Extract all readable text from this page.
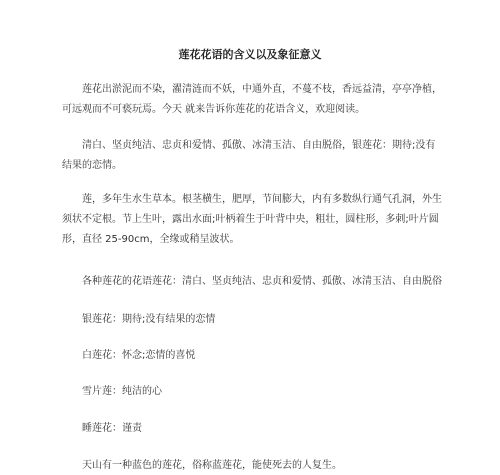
莲花花语的含义以及象征意义

莲花出淤泥而不染，濯清涟而不妖，中通外直，不蔓不枝，香远益清，亭亭净植，可远观而不可亵玩焉。今天 就来告诉你莲花的花语含义，欢迎阅读。

清白、坚贞纯洁、忠贞和爱情、孤傲、冰清玉洁、自由脱俗，银莲花：期待;没有结果的恋情。

莲，多年生水生草本。根茎横生，肥厚，节间膨大，内有多数纵行通气孔洞，外生须状不定根。节上生叶，露出水面;叶柄着生于叶背中央，粗壮，圆柱形，多刺;叶片圆形，直径 25-90cm，全缘或稍呈波状。

各种莲花的花语莲花：清白、坚贞纯洁、忠贞和爱情、孤傲、冰清玉洁、自由脱俗
银莲花：期待;没有结果的恋情
白莲花：怀念;恋情的喜悦
雪片莲：纯洁的心
睡莲花：谨责
天山有一种蓝色的莲花，俗称蓝莲花，能使死去的人复生。
